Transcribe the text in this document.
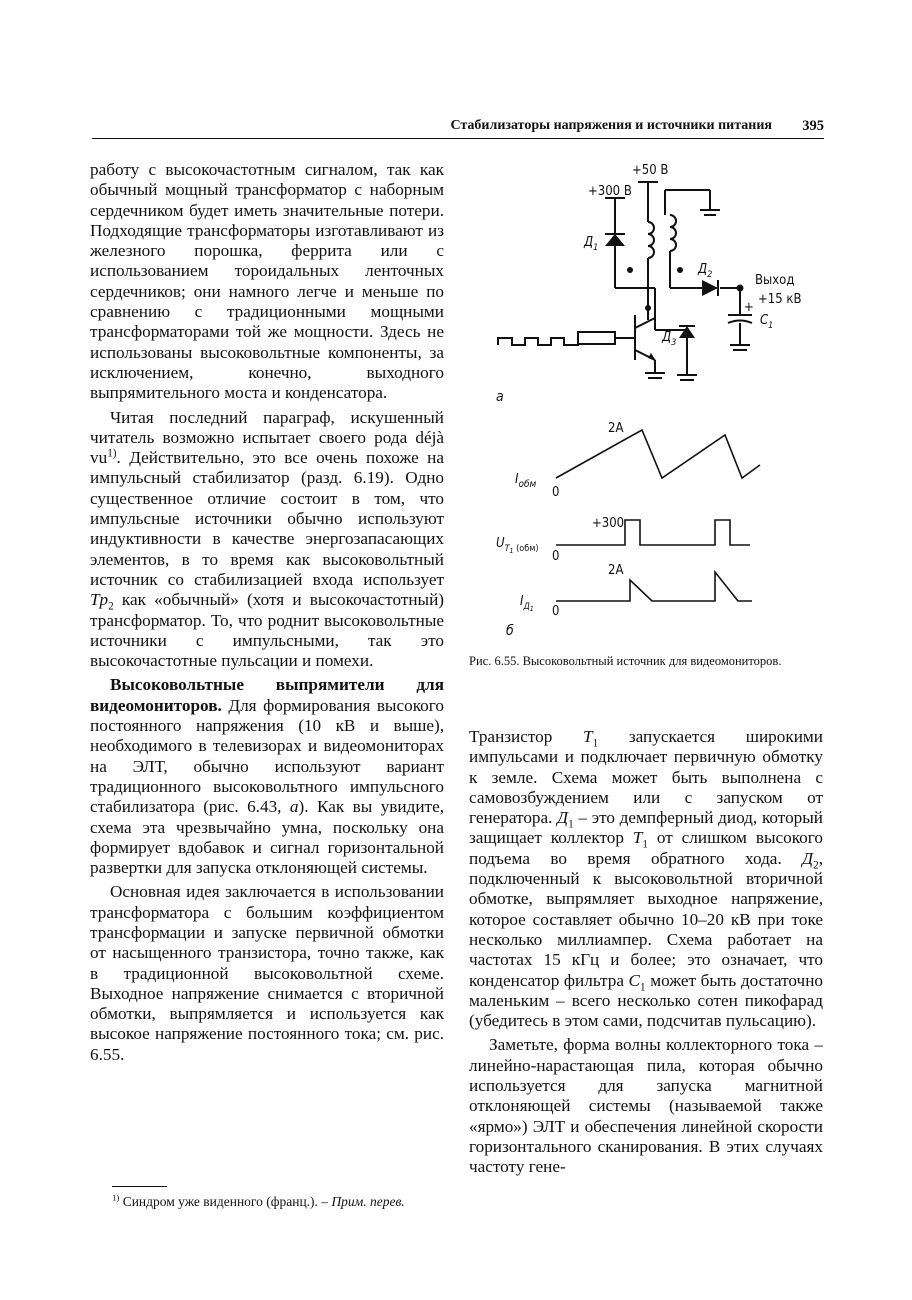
Стабилизаторы напряжения и источники питания 395

работу с высокочастотным сигналом, так как обычный мощный трансформатор с наборным сердечником будет иметь значительные потери. Подходящие трансформаторы изготавливают из железного порошка, феррита или с использованием тороидальных ленточных сердечников; они намного легче и меньше по сравнению с традиционными мощными трансформаторами той же мощности. Здесь не использованы высоковольтные компоненты, за исключением, конечно, выходного выпрямительного моста и конденсатора.

Читая последний параграф, искушенный читатель возможно испытает своего рода déjà $vu^{1)}$. Действительно, это все очень похоже на импульсный стабилизатор (разд. 6.19). Одно существенное отличие состоит в том, что импульсные источники обычно используют индуктивности в качестве энергозапасающих элементов, в то время как высоковольтный источник со стабилизацией входа использует $Tp_2$ как «обычный» (хотя и высокочастотный) трансформатор. То, что роднит высоковольтные источники с импульсными, так это высокочастотные пульсации и помехи.

Высоковольтные выпрямители для видеомониторов. Для формирования высокого постоянного напряжения (10 кВ и выше), необходимого в телевизорах и видеомониторах на ЭЛТ, обычно используют вариант традиционного высоковольтного импульсного стабилизатора (рис. 6.43, а). Как вы увидите, схема эта чрезвычайно умна, поскольку она формирует вдобавок и сигнал горизонтальной развертки для запуска отклоняющей системы.

Основная идея заключается в использовании трансформатора с большим коэффициентом трансформации и запуске первичной обмотки от насыщенного транзистора, точно также, как в традиционной высоковольтной схеме. Выходное напряжение снимается с вторичной обмотки, выпрямляется и используется как высокое напряжение постоянного тока; см. рис. 6.55.

$^{1)}$ Синдром уже виденного (франц.). – Прим. перев.
+300 В
+50 В
$Д_1$
$Д_2$
$Д_3$
Выход
+15 кВ
+
$C_1$
а
2A
$I_{обм}$
0
+300
$U_T1$ (обм) 0
2A
$I_Д1$ 0
б
Рис. 6.55. Высоковольтный источник для видеомониторов.

Транзистор $T_1$ запускается широкими импульсами и подключает первичную обмотку к земле. Схема может быть выполнена с самовозбуждением или с запуском от генератора. $Д_1$ – это демпферный диод, который защищает коллектор $T_1$ от слишком высокого подъема во время обратного хода. $Д_2$, подключенный к высоковольтной вторичной обмотке, выпрямляет выходное напряжение, которое составляет обычно 10–20 кВ при токе несколько миллиампер. Схема работает на частотах 15 кГц и более; это означает, что конденсатор фильтра $C_1$ может быть достаточно маленьким – всего несколько сотен пикофарад (убедитесь в этом сами, подсчитав пульсацию).

Заметьте, форма волны коллекторного тока – линейно-нарастающая пила, которая обычно используется для запуска магнитной отклоняющей системы (называемой также «ярмо») ЭЛТ и обеспечения линейной скорости горизонтального сканирования. В этих случаях частоту гене-
